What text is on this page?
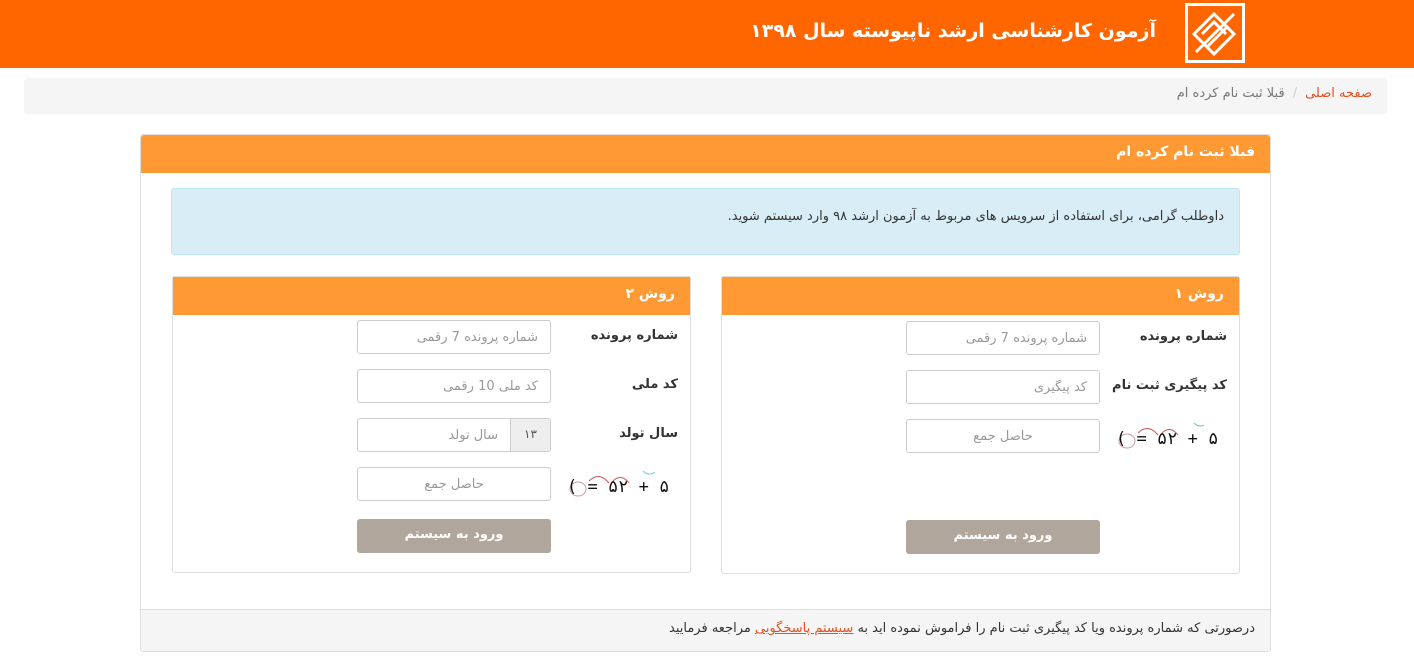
آزمون کارشناسی ارشد ناپیوسته سال ۱۳۹۸
صفحه اصلی/قبلا ثبت نام کرده ام
قبلا ثبت نام کرده ام
داوطلب گرامی، برای استفاده از سرویس های مربوط به آزمون ارشد ۹۸ وارد سیستم شوید.
روش ۱
شماره پرونده
شماره پرونده 7 رقمی
کد پیگیری ثبت نام
کد پیگیری
( = ۵۲ + ۵
حاصل جمع
ورود به سیستم
روش ۲
شماره پرونده
شماره پرونده 7 رقمی
کد ملی
کد ملی 10 رقمی
سال تولد
۱۳
سال تولد
( = ۵۲ + ۵
حاصل جمع
ورود به سیستم
درصورتی که شماره پرونده ویا کد پیگیری ثبت نام را فراموش نموده اید به سیستم پاسخگویی مراجعه فرمایید
